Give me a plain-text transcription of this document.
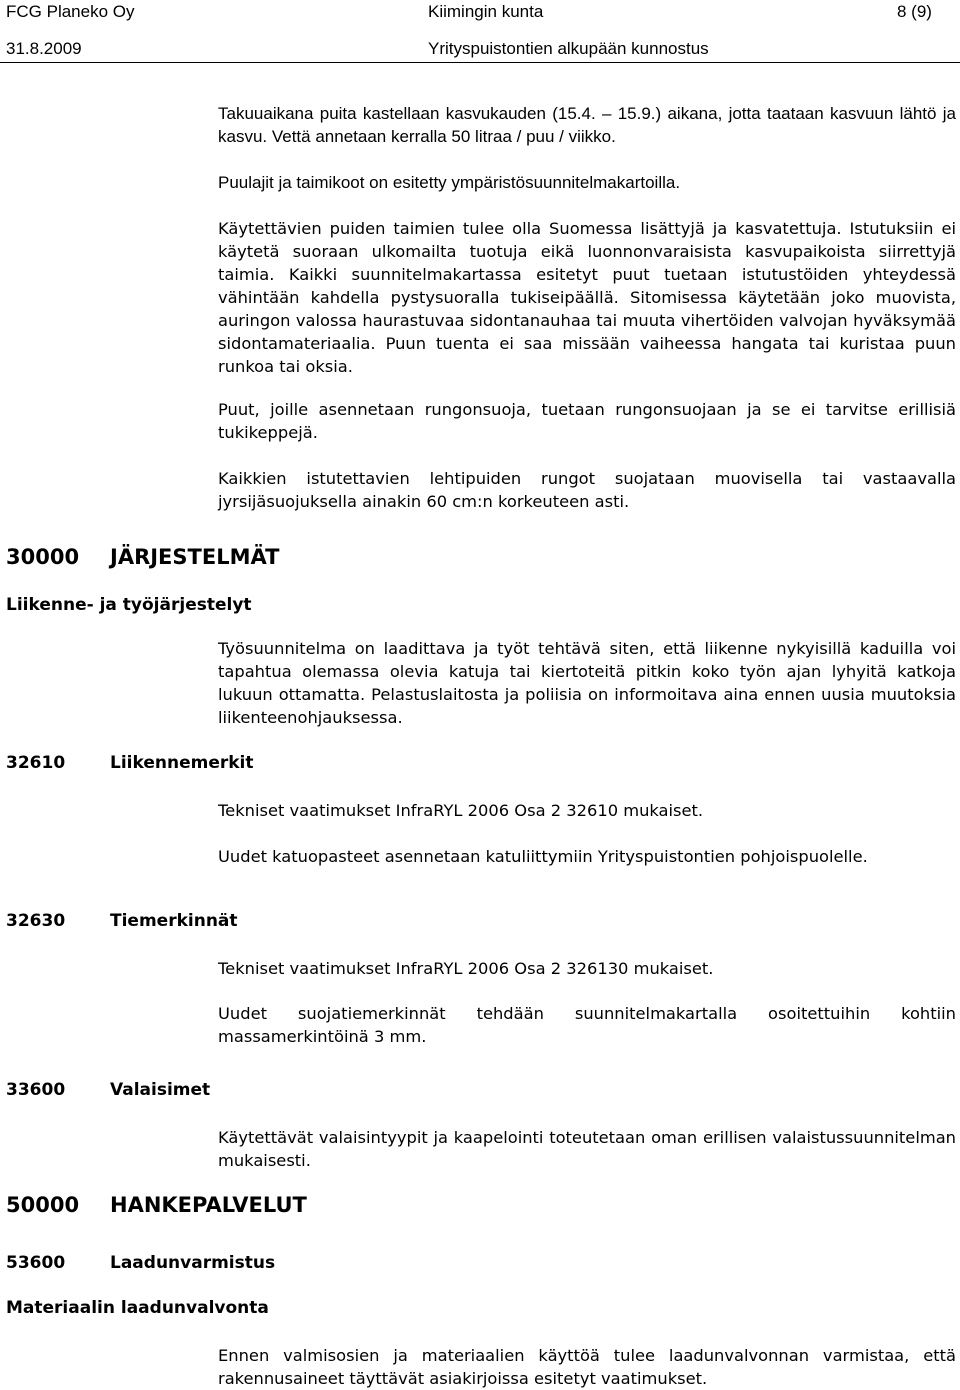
FCG Planeko Oy	Kiimingin kunta	8 (9)
31.8.2009	Yrityspuistontien alkupään kunnostus

Takuuaikana puita kastellaan kasvukauden (15.4. – 15.9.) aikana, jotta taataan kasvuun lähtö ja kasvu. Vettä annetaan kerralla 50 litraa / puu / viikko.

Puulajit ja taimikoot on esitetty ympäristösuunnitelmakartoilla.

Käytettävien puiden taimien tulee olla Suomessa lisättyjä ja kasvatettuja. Istutuksiin ei käytetä suoraan ulkomailta tuotuja eikä luonnonvaraisista kasvupaikoista siirrettyjä taimia. Kaikki suunnitelmakartassa esitetyt puut tuetaan istutustöiden yhteydessä vähintään kahdella pystysuoralla tukiseipäällä. Sitomisessa käytetään joko muovista, auringon valossa haurastuvaa sidontanauhaa tai muuta vihertöiden valvojan hyväksymää sidontamateriaalia. Puun tuenta ei saa missään vaiheessa hangata tai kuristaa puun runkoa tai oksia.

Puut, joille asennetaan rungonsuoja, tuetaan rungonsuojaan ja se ei tarvitse erillisiä tukikeppejä.

Kaikkien istutettavien lehtipuiden rungot suojataan muovisella tai vastaavalla jyrsijäsuojuksella ainakin 60 cm:n korkeuteen asti.

30000 JÄRJESTELMÄT
Liikenne- ja työjärjestelyt

Työsuunnitelma on laadittava ja työt tehtävä siten, että liikenne nykyisillä kaduilla voi tapahtua olemassa olevia katuja tai kiertoteitä pitkin koko työn ajan lyhyitä katkoja lukuun ottamatta. Pelastuslaitosta ja poliisia on informoitava aina ennen uusia muutoksia liikenteenohjauksessa.

32610	Liikennemerkit

Tekniset vaatimukset InfraRYL 2006 Osa 2 32610 mukaiset.

Uudet katuopasteet asennetaan katuliittymiin Yrityspuistontien pohjoispuolelle.

32630	Tiemerkinnät

Tekniset vaatimukset InfraRYL 2006 Osa 2 326130 mukaiset.

Uudet suojatiemerkinnät tehdään suunnitelmakartalla osoitettuihin kohtiin massamerkintöinä 3 mm.

33600	Valaisimet

Käytettävät valaisintyypit ja kaapelointi toteutetaan oman erillisen valaistussuunnitelman mukaisesti.

50000 HANKEPALVELUT
53600	Laadunvarmistus
Materiaalin laadunvalvonta

Ennen valmisosien ja materiaalien käyttöä tulee laadunvalvonnan varmistaa, että rakennusaineet täyttävät asiakirjoissa esitetyt vaatimukset.
